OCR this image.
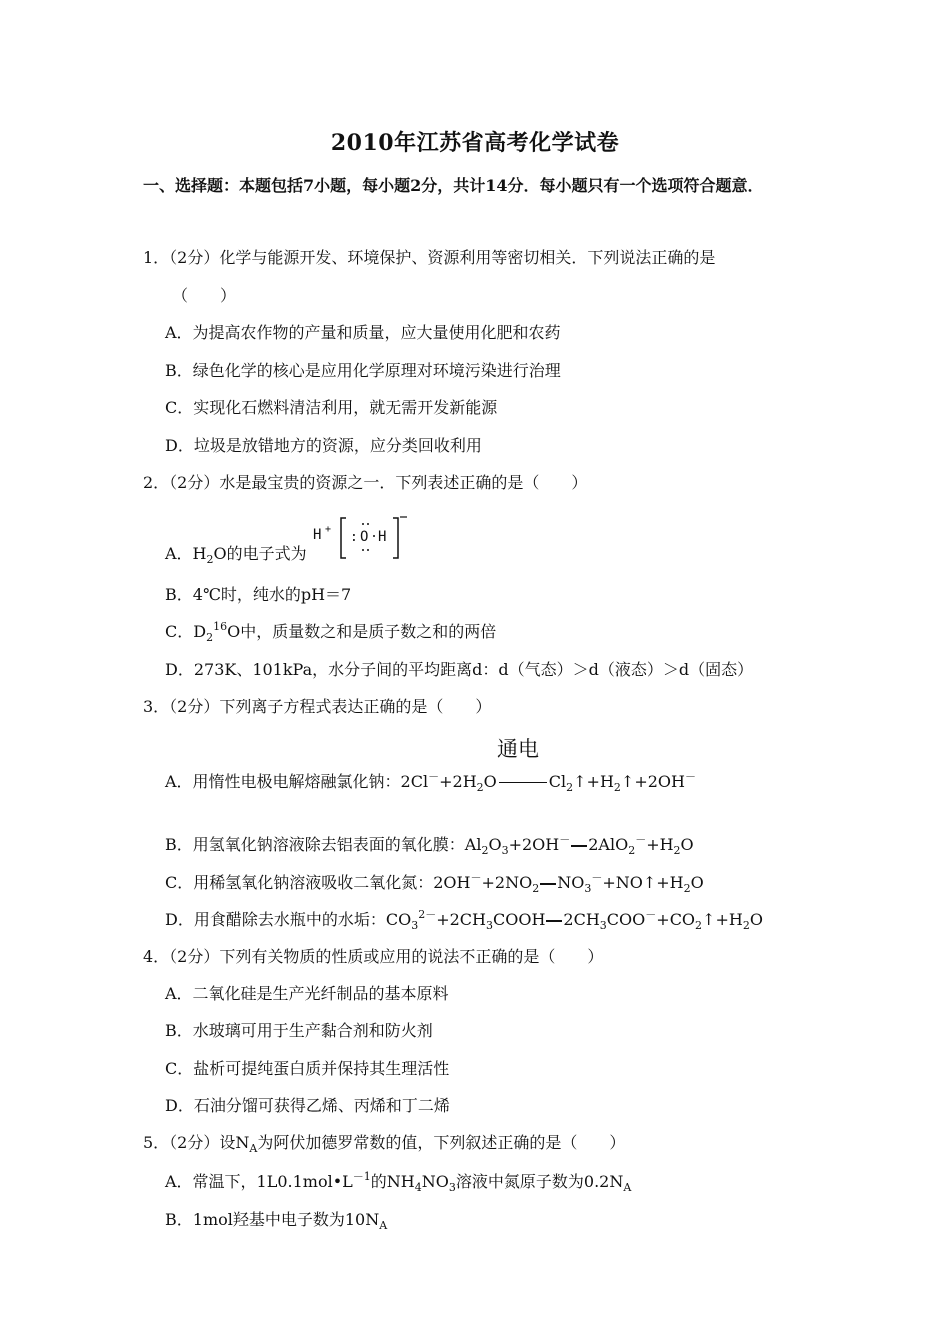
2010年江苏省高考化学试卷
一、选择题：本题包括7小题，每小题2分，共计14分．每小题只有一个选项符合题意．
1．（2分）化学与能源开发、环境保护、资源利用等密切相关．下列说法正确的是
（　　）
A．为提高农作物的产量和质量，应大量使用化肥和农药
B．绿色化学的核心是应用化学原理对环境污染进行治理
C．实现化石燃料清洁利用，就无需开发新能源
D．垃圾是放错地方的资源，应分类回收利用
2．（2分）水是最宝贵的资源之一．下列表述正确的是（　　）
A．$H_2O$的电子式为
H +
: O H
B．4℃时，纯水的pH＝7
C．$D_2^{16}O$中，质量数之和是质子数之和的两倍
D．273K、101kPa，水分子间的平均距离d：d（气态）＞d（液态）＞d（固态）
3．（2分）下列离子方程式表达正确的是（　　）
通电
A．用惰性电极电解熔融氯化钠：$2Cl^-+2H_2O$	$Cl_2↑+H_2↑+2OH^-$
B．用氢氧化钠溶液除去铝表面的氧化膜：$Al_2O_3+2OH^-$ $2AlO_2^-+H_2O$
C．用稀氢氧化钠溶液吸收二氧化氮：$2OH^-+2NO_2$ $NO_3^-+NO↑+H_2O$
D．用食醋除去水瓶中的水垢：$CO_3^{2-}+2CH_3COOH$ $2CH_3COO^-+CO_2↑+H_2O$
4．（2分）下列有关物质的性质或应用的说法不正确的是（　　）
A．二氧化硅是生产光纤制品的基本原料
B．水玻璃可用于生产黏合剂和防火剂
C．盐析可提纯蛋白质并保持其生理活性
D．石油分馏可获得乙烯、丙烯和丁二烯
5．（2分）设$N_A$为阿伏加德罗常数的值，下列叙述正确的是（　　）
A．常温下，$1L0.1mol•L^{-1}$的$NH_4NO_3$溶液中氮原子数为$0.2N_A$
B．1mol羟基中电子数为$10N_A$
